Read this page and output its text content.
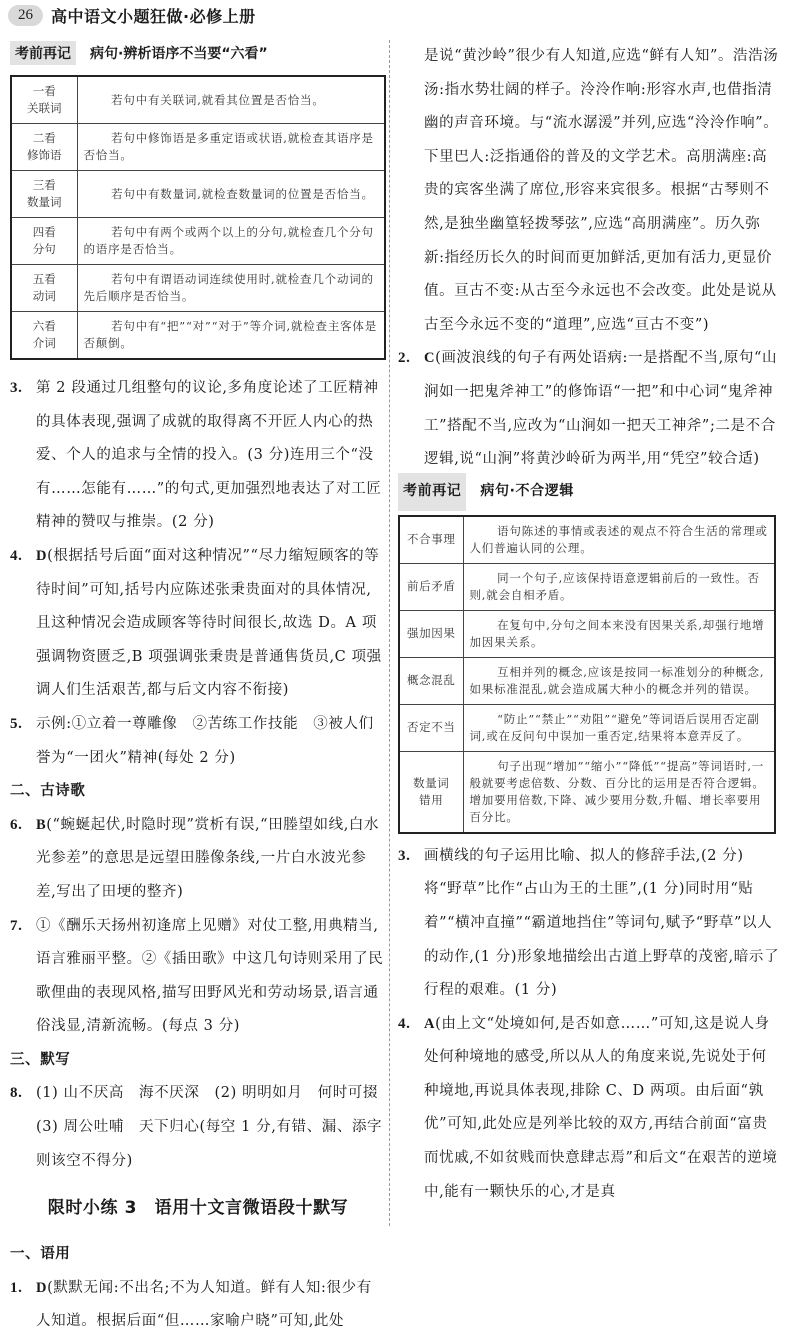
26	高中语文小题狂做·必修上册
考前再记	病句·辨析语序不当要“六看”
一看
关联词	若句中有关联词,就看其位置是否恰当。
二看
修饰语	若句中修饰语是多重定语或状语,就检查其语序是否恰当。
三看
数量词	若句中有数量词,就检查数量词的位置是否恰当。
四看
分句	若句中有两个或两个以上的分句,就检查几个分句的语序是否恰当。
五看
动词	若句中有谓语动词连续使用时,就检查几个动词的先后顺序是否恰当。
六看
介词	若句中有“把”“对”“对于”等介词,就检查主客体是否颠倒。
3. 第 2 段通过几组整句的议论,多角度论述了工匠精神的具体表现,强调了成就的取得离不开匠人内心的热爱、个人的追求与全情的投入。(3 分)连用三个“没有……怎能有……”的句式,更加强烈地表达了对工匠精神的赞叹与推崇。(2 分)
4. D(根据括号后面“面对这种情况”“尽力缩短顾客的等待时间”可知,括号内应陈述张秉贵面对的具体情况,且这种情况会造成顾客等待时间很长,故选 D。A 项强调物资匮乏,B 项强调张秉贵是普通售货员,C 项强调人们生活艰苦,都与后文内容不衔接)
5. 示例:①立着一尊雕像　②苦练工作技能　③被人们誉为“一团火”精神(每处 2 分)
二、古诗歌
6. B(“蜿蜒起伏,时隐时现”赏析有误,“田塍望如线,白水光参差”的意思是远望田塍像条线,一片白水波光参差,写出了田埂的整齐)
7. ①《酬乐天扬州初逢席上见赠》对仗工整,用典精当,语言雅丽平整。②《插田歌》中这几句诗则采用了民歌俚曲的表现风格,描写田野风光和劳动场景,语言通俗浅显,清新流畅。(每点 3 分)
三、默写
8. (1) 山不厌高　海不厌深　(2) 明明如月　何时可掇　(3) 周公吐哺　天下归心(每空 1 分,有错、漏、添字则该空不得分)
限时小练 3　语用十文言微语段十默写
一、语用
1. D(默默无闻:不出名;不为人知道。鲜有人知:很少有人知道。根据后面“但……家喻户晓”可知,此处
是说“黄沙岭”很少有人知道,应选“鲜有人知”。浩浩汤汤:指水势壮阔的样子。泠泠作响:形容水声,也借指清幽的声音环境。与“流水潺湲”并列,应选“泠泠作响”。下里巴人:泛指通俗的普及的文学艺术。高朋满座:高贵的宾客坐满了席位,形容来宾很多。根据“古琴则不然,是独坐幽篁轻拨琴弦”,应选“高朋满座”。历久弥新:指经历长久的时间而更加鲜活,更加有活力,更显价值。亘古不变:从古至今永远也不会改变。此处是说从古至今永远不变的“道理”,应选“亘古不变”)
2. C(画波浪线的句子有两处语病:一是搭配不当,原句“山涧如一把鬼斧神工”的修饰语“一把”和中心词“鬼斧神工”搭配不当,应改为“山涧如一把天工神斧”;二是不合逻辑,说“山涧”将黄沙岭斫为两半,用“凭空”较合适)
考前再记	病句·不合逻辑
不合事理	语句陈述的事情或表述的观点不符合生活的常理或人们普遍认同的公理。
前后矛盾	同一个句子,应该保持语意逻辑前后的一致性。否则,就会自相矛盾。
强加因果	在复句中,分句之间本来没有因果关系,却强行地增加因果关系。
概念混乱	互相并列的概念,应该是按同一标准划分的种概念,如果标准混乱,就会造成属大种小的概念并列的错误。
否定不当	“防止”“禁止”“劝阻”“避免”等词语后误用否定副词,或在反问句中误加一重否定,结果将本意弄反了。
数量词
错用	句子出现“增加”“缩小”“降低”“提高”等词语时,一般就要考虑倍数、分数、百分比的运用是否符合逻辑。增加要用倍数,下降、减少要用分数,升幅、增长率要用百分比。
3. 画横线的句子运用比喻、拟人的修辞手法,(2 分)将“野草”比作“占山为王的土匪”,(1 分)同时用“贴着”“横冲直撞”“霸道地挡住”等词句,赋予“野草”以人的动作,(1 分)形象地描绘出古道上野草的茂密,暗示了行程的艰难。(1 分)
4. A(由上文“处境如何,是否如意……”可知,这是说人身处何种境地的感受,所以从人的角度来说,先说处于何种境地,再说具体表现,排除 C、D 两项。由后面“孰优”可知,此处应是列举比较的双方,再结合前面“富贵而忧戚,不如贫贱而快意肆志焉”和后文“在艰苦的逆境中,能有一颗快乐的心,才是真
